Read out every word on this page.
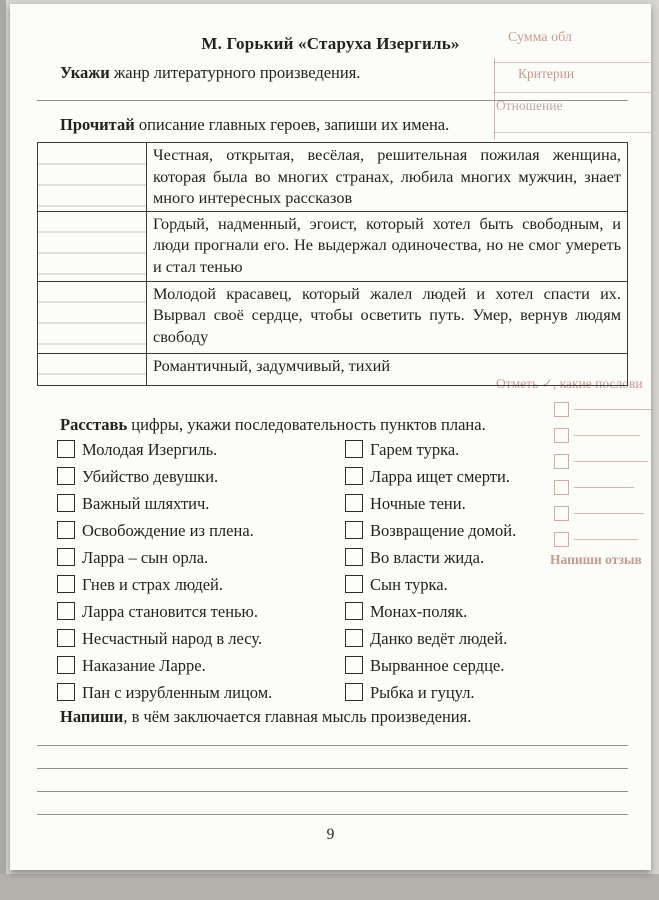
М. Горький «Старуха Изергиль»	Сумма обл
Критерии
Отношение
Отметь ✓, какие послови
Напиши отзыв

Укажи жанр литературного произведения.

Прочитай описание главных героев, запиши их имена.

	Честная, открытая, весёлая, решительная пожилая женщина, которая была во многих странах, любила многих мужчин, знает много интересных рассказов
	Гордый, надменный, эгоист, который хотел быть свободным, и люди прогнали его. Не выдержал одиночества, но не смог умереть и стал тенью
	Молодой красавец, который жалел людей и хотел спасти их. Вырвал своё сердце, чтобы осветить путь. Умер, вернув людям свободу
	Романтичный, задумчивый, тихий

Расставь цифры, укажи последовательность пунктов плана.

Молодая Изергиль.
Убийство девушки.
Важный шляхтич.
Освобождение из плена.
Ларра – сын орла.
Гнев и страх людей.
Ларра становится тенью.
Несчастный народ в лесу.
Наказание Ларре.
Пан с изрубленным лицом.
Гарем турка.
Ларра ищет смерти.
Ночные тени.
Возвращение домой.
Во власти жида.
Сын турка.
Монах-поляк.
Данко ведёт людей.
Вырванное сердце.
Рыбка и гуцул.

Напиши, в чём заключается главная мысль произведения.

9
